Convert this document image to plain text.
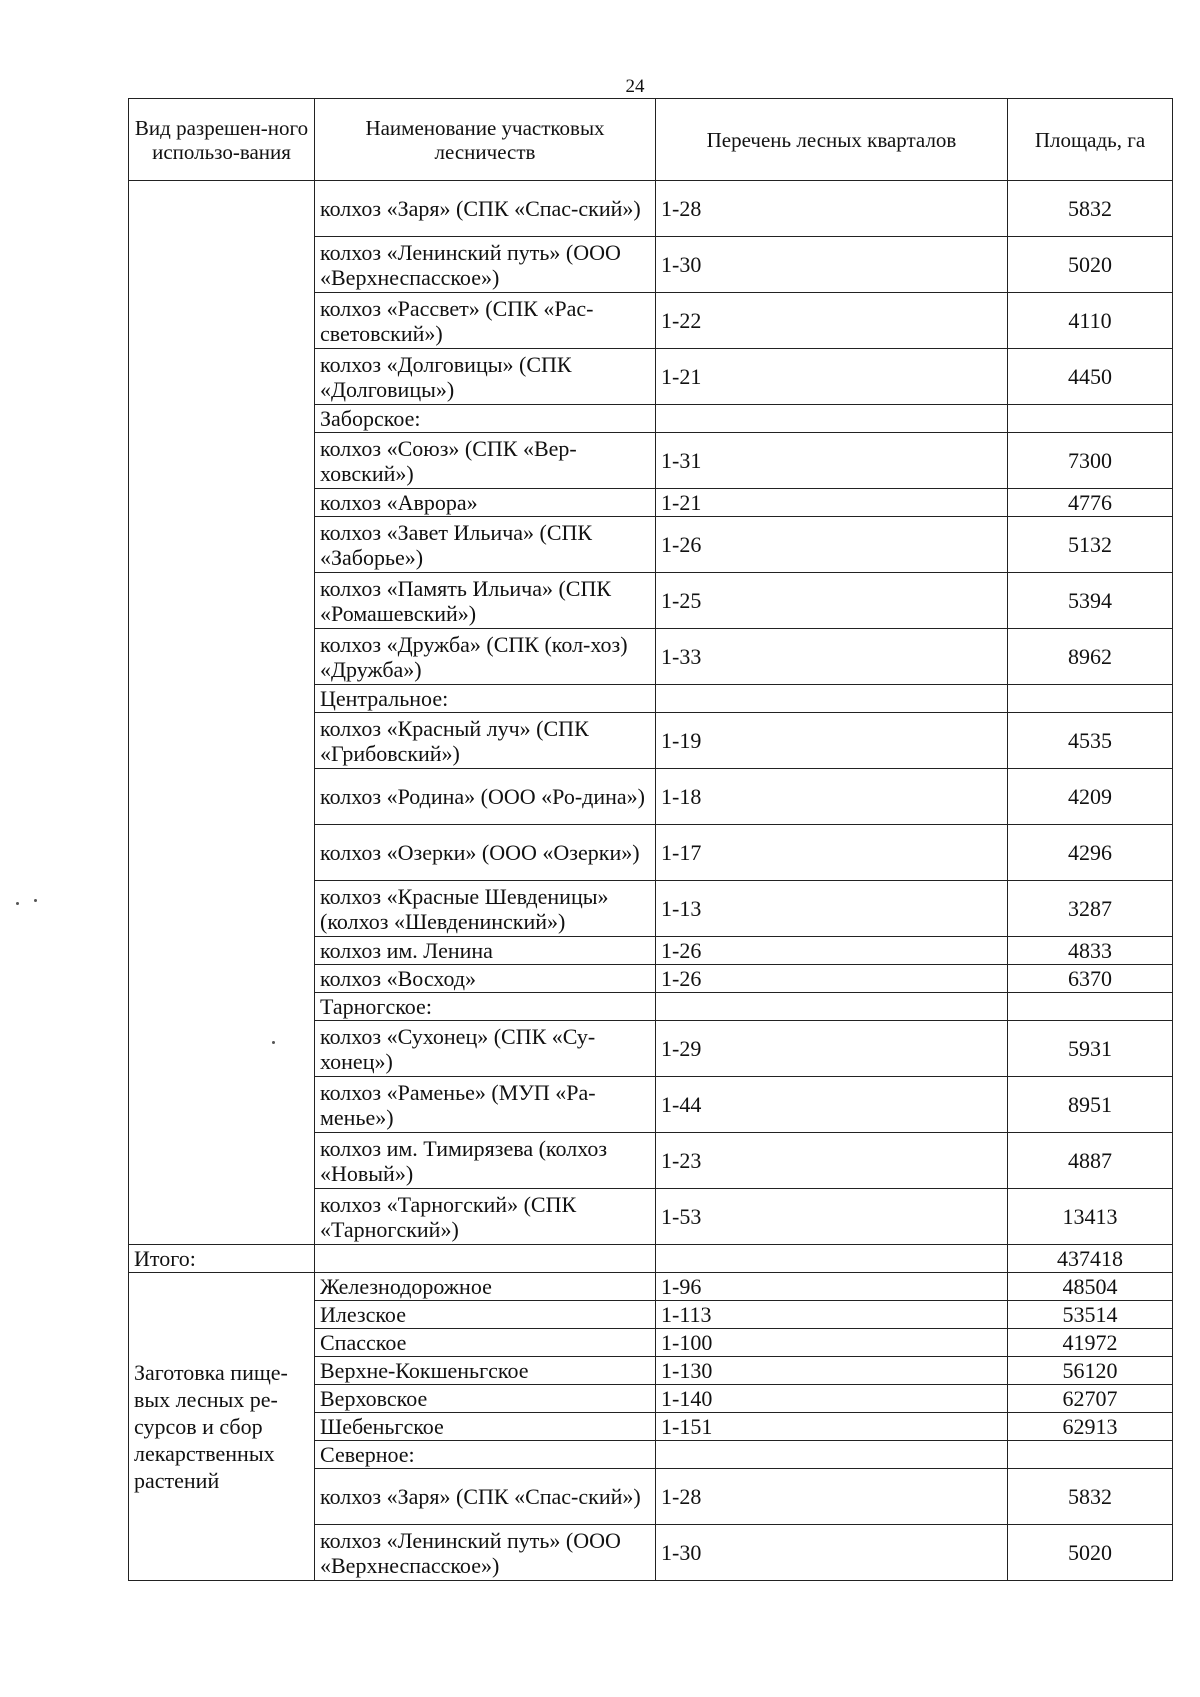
24
Вид разрешен-ного использо-вания	Наименование участковых лесничеств	Перечень лесных кварталов	Площадь, га
	колхоз «Заря» (СПК «Спас-ский»)	1-28	5832
	колхоз «Ленинский путь» (ООО «Верхнеспасское»)	1-30	5020
	колхоз «Рассвет» (СПК «Рас-световский»)	1-22	4110
	колхоз «Долговицы» (СПК «Долговицы»)	1-21	4450
	Заборское:		
	колхоз «Союз» (СПК «Вер-ховский»)	1-31	7300
	колхоз «Аврора»	1-21	4776
	колхоз «Завет Ильича» (СПК «Заборье»)	1-26	5132
	колхоз «Память Ильича» (СПК «Ромашевский»)	1-25	5394
	колхоз «Дружба» (СПК (кол-хоз) «Дружба»)	1-33	8962
	Центральное:		
	колхоз «Красный луч» (СПК «Грибовский»)	1-19	4535
	колхоз «Родина» (ООО «Ро-дина»)	1-18	4209
	колхоз «Озерки» (ООО «Озерки»)	1-17	4296
	колхоз «Красные Шевденицы» (колхоз «Шевденинский»)	1-13	3287
	колхоз им. Ленина	1-26	4833
	колхоз «Восход»	1-26	6370
	Тарногское:		
	колхоз «Сухонец» (СПК «Су-хонец»)	1-29	5931
	колхоз «Раменье» (МУП «Ра-менье»)	1-44	8951
	колхоз им. Тимирязева (колхоз «Новый»)	1-23	4887
	колхоз «Тарногский» (СПК «Тарногский»)	1-53	13413
Итого:			437418
Заготовка пище-вых лесных ре-сурсов и сбор лекарственных растений	Железнодорожное	1-96	48504
	Илезское	1-113	53514
	Спасское	1-100	41972
	Верхне-Кокшеньгское	1-130	56120
	Верховское	1-140	62707
	Шебеньгское	1-151	62913
	Северное:		
	колхоз «Заря» (СПК «Спас-ский»)	1-28	5832
	колхоз «Ленинский путь» (ООО «Верхнеспасское»)	1-30	5020
